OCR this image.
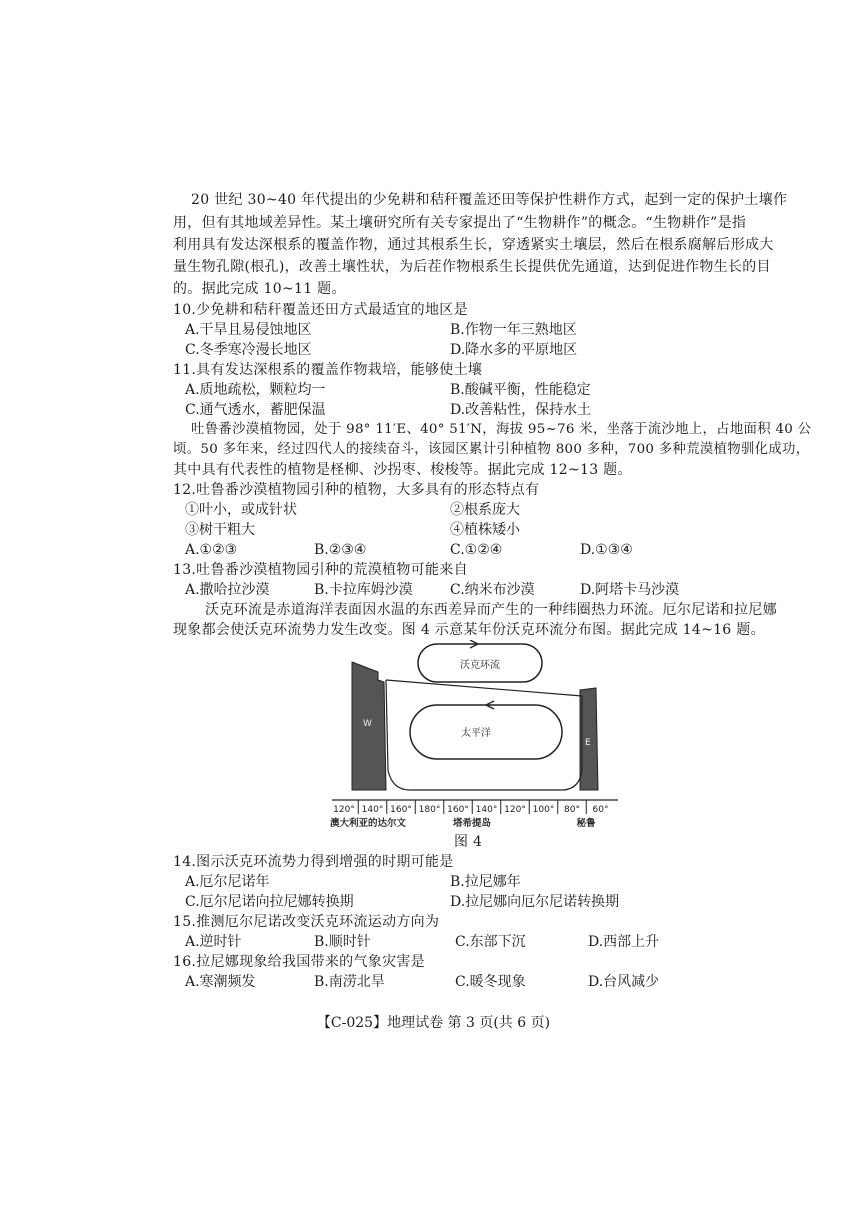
20 世纪 30~40 年代提出的少免耕和秸秆覆盖还田等保护性耕作方式，起到一定的保护土壤作
用，但有其地域差异性。某土壤研究所有关专家提出了“生物耕作”的概念。“生物耕作”是指
利用具有发达深根系的覆盖作物，通过其根系生长，穿透紧实土壤层，然后在根系腐解后形成大
量生物孔隙(根孔)，改善土壤性状，为后茬作物根系生长提供优先通道，达到促进作物生长的目
的。据此完成 10~11 题。
10.少免耕和秸秆覆盖还田方式最适宜的地区是
A.干旱且易侵蚀地区	B.作物一年三熟地区
C.冬季寒冷漫长地区	D.降水多的平原地区
11.具有发达深根系的覆盖作物栽培，能够使土壤
A.质地疏松，颗粒均一	B.酸碱平衡，性能稳定
C.通气透水，蓄肥保温	D.改善粘性，保持水土
吐鲁番沙漠植物园，处于 98° 11′E、40° 51′N，海拔 95~76 米，坐落于流沙地上，占地面积 40 公
顷。50 多年来，经过四代人的接续奋斗，该园区累计引种植物 800 多种，700 多种荒漠植物驯化成功，
其中具有代表性的植物是柽柳、沙拐枣、梭梭等。据此完成 12~13 题。
12.吐鲁番沙漠植物园引种的植物，大多具有的形态特点有
①叶小，或成针状	②根系庞大
③树干粗大	④植株矮小
A.①②③	B.②③④	C.①②④	D.①③④
13.吐鲁番沙漠植物园引种的荒漠植物可能来自
A.撒哈拉沙漠	B.卡拉库姆沙漠	C.纳米布沙漠	D.阿塔卡马沙漠
沃克环流是赤道海洋表面因水温的东西差异而产生的一种纬圈热力环流。厄尔尼诺和拉尼娜
现象都会使沃克环流势力发生改变。图 4 示意某年份沃克环流分布图。据此完成 14~16 题。
沃克环流
W
E
太平洋
120° 140° 160° 180° 160° 140° 120° 100° 80° 60°
澳大利亚的达尔文	塔希提岛	秘鲁
图 4
14.图示沃克环流势力得到增强的时期可能是
A.厄尔尼诺年	B.拉尼娜年
C.厄尔尼诺向拉尼娜转换期	D.拉尼娜向厄尔尼诺转换期
15.推测厄尔尼诺改变沃克环流运动方向为
A.逆时针	B.顺时针	C.东部下沉	D.西部上升
16.拉尼娜现象给我国带来的气象灾害是
A.寒潮频发	B.南涝北旱	C.暖冬现象	D.台风减少
【C-025】地理试卷 第 3 页(共 6 页)
